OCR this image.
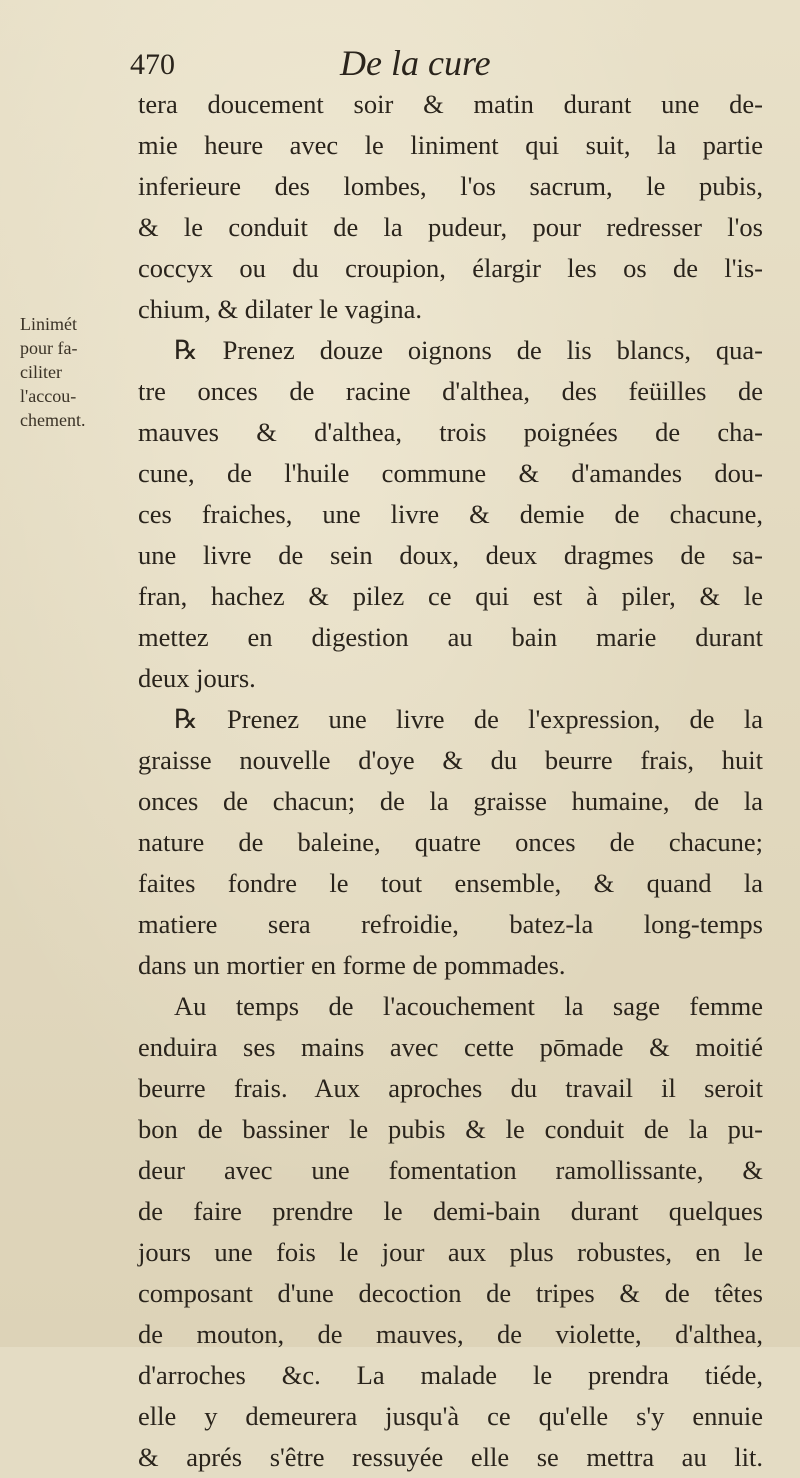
470	De la cure
Linimét
pour fa-
ciliter
l'accou-
chement.
tera doucement soir & matin durant une de-
mie heure avec le liniment qui suit, la partie
inferieure des lombes, l'os sacrum, le pubis,
& le conduit de la pudeur, pour redresser l'os
coccyx ou du croupion, élargir les os de l'is-
chium, & dilater le vagina.
℞ Prenez douze oignons de lis blancs, qua-
tre onces de racine d'althea, des feüilles de
mauves & d'althea, trois poignées de cha-
cune, de l'huile commune & d'amandes dou-
ces fraiches, une livre & demie de chacune,
une livre de sein doux, deux dragmes de sa-
fran, hachez & pilez ce qui est à piler, & le
mettez en digestion au bain marie durant
deux jours.
℞ Prenez une livre de l'expression, de la
graisse nouvelle d'oye & du beurre frais, huit
onces de chacun; de la graisse humaine, de la
nature de baleine, quatre onces de chacune;
faites fondre le tout ensemble, & quand la
matiere sera refroidie, batez-la long-temps
dans un mortier en forme de pommades.
Au temps de l'acouchement la sage femme
enduira ses mains avec cette pōmade & moitié
beurre frais. Aux aproches du travail il seroit
bon de bassiner le pubis & le conduit de la pu-
deur avec une fomentation ramollissante, &
de faire prendre le demi-bain durant quelques
jours une fois le jour aux plus robustes, en le
composant d'une decoction de tripes & de têtes
de mouton, de mauves, de violette, d'althea,
d'arroches &c. La malade le prendra tiéde,
elle y demeurera jusqu'à ce qu'elle s'y ennuie
& aprés s'être ressuyée elle se mettra au lit.
